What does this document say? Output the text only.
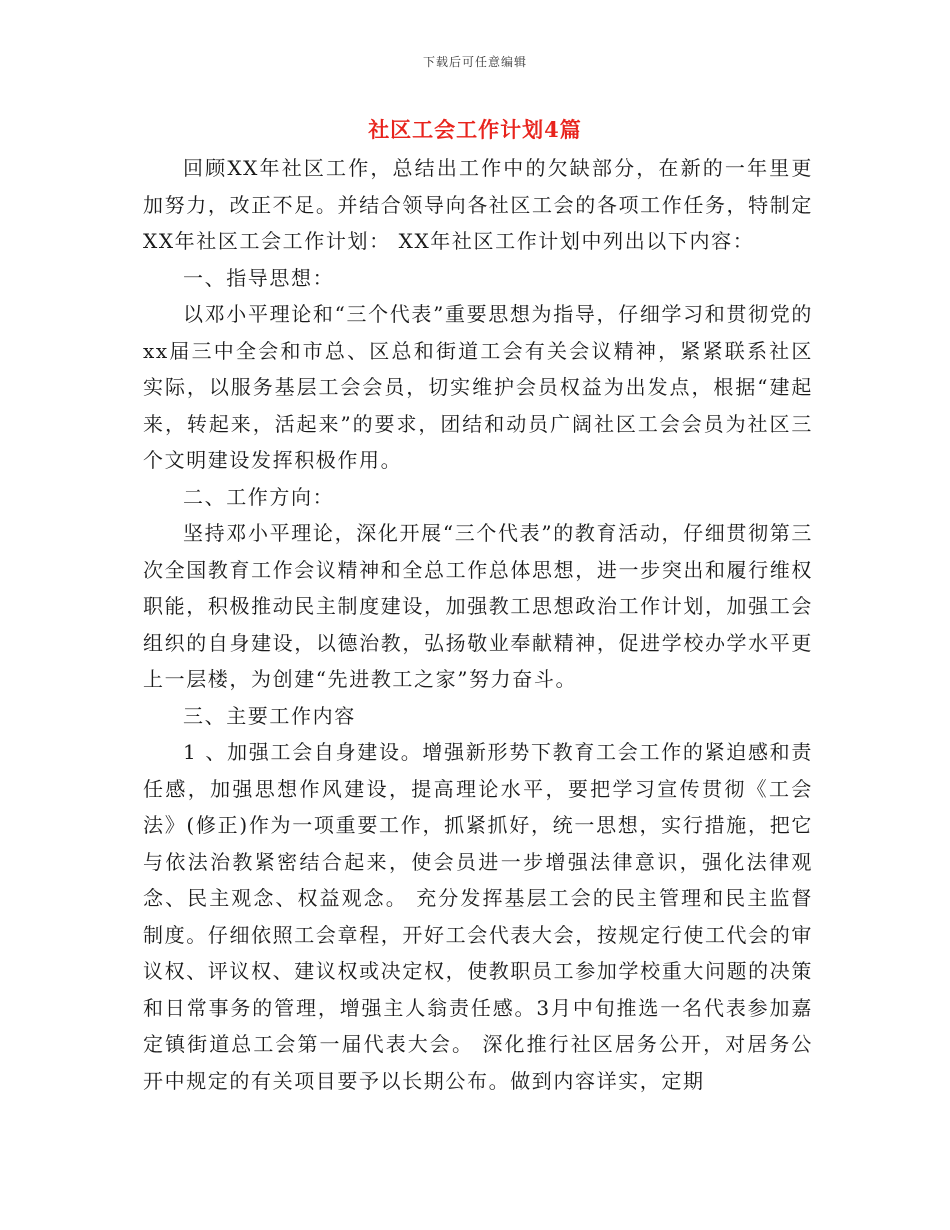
下载后可任意编辑
社区工会工作计划4篇

回顾XX年社区工作，总结出工作中的欠缺部分，在新的一年里更加努力，改正不足。并结合领导向各社区工会的各项工作任务，特制定XX年社区工会工作计划： XX年社区工作计划中列出以下内容：

一、指导思想：

以邓小平理论和“三个代表”重要思想为指导，仔细学习和贯彻党的xx届三中全会和市总、区总和街道工会有关会议精神，紧紧联系社区实际，以服务基层工会会员，切实维护会员权益为出发点，根据“建起来，转起来，活起来”的要求，团结和动员广阔社区工会会员为社区三个文明建设发挥积极作用。

二、工作方向：

坚持邓小平理论，深化开展“三个代表”的教育活动，仔细贯彻第三次全国教育工作会议精神和全总工作总体思想，进一步突出和履行维权职能，积极推动民主制度建设，加强教工思想政治工作计划，加强工会组织的自身建设，以德治教，弘扬敬业奉献精神，促进学校办学水平更上一层楼，为创建“先进教工之家”努力奋斗。

三、主要工作内容

1 、加强工会自身建设。增强新形势下教育工会工作的紧迫感和责任感，加强思想作风建设，提高理论水平，要把学习宣传贯彻《工会法》(修正)作为一项重要工作，抓紧抓好，统一思想，实行措施，把它与依法治教紧密结合起来，使会员进一步增强法律意识，强化法律观念、民主观念、权益观念。 充分发挥基层工会的民主管理和民主监督制度。仔细依照工会章程，开好工会代表大会，按规定行使工代会的审议权、评议权、建议权或决定权，使教职员工参加学校重大问题的决策和日常事务的管理，增强主人翁责任感。3月中旬推选一名代表参加嘉定镇街道总工会第一届代表大会。 深化推行社区居务公开，对居务公开中规定的有关项目要予以长期公布。做到内容详实，定期
